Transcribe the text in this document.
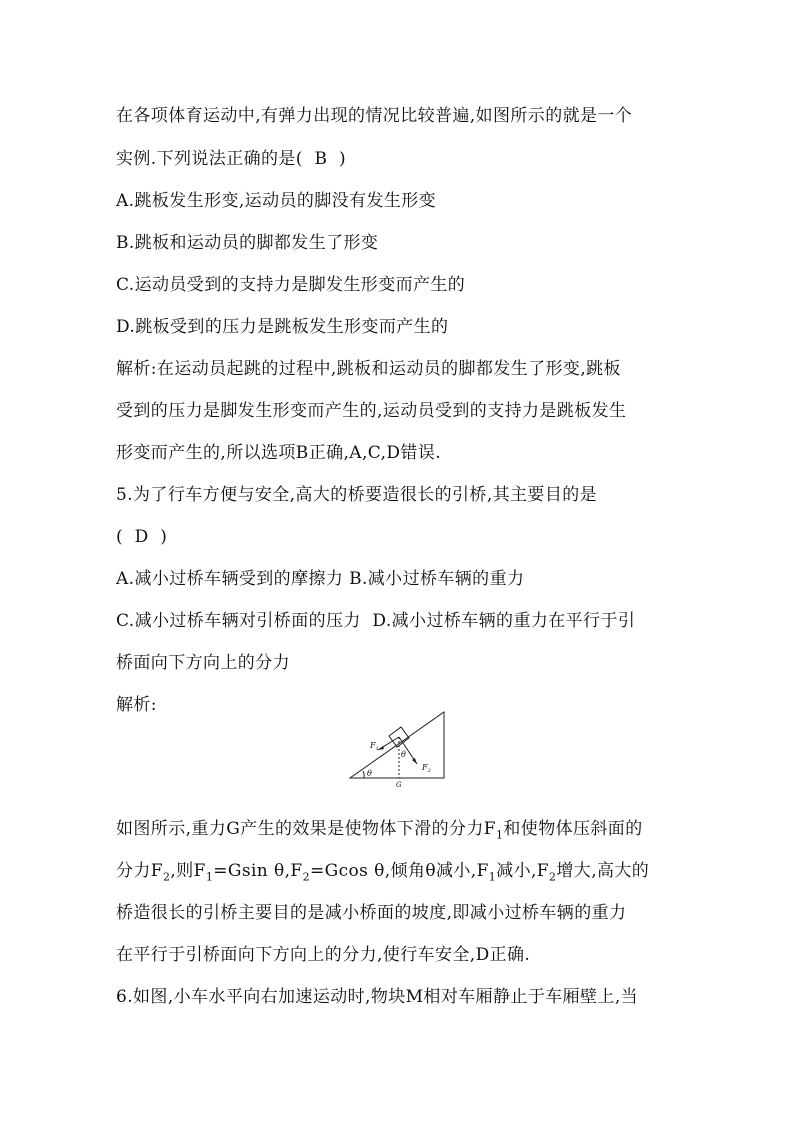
在各项体育运动中,有弹力出现的情况比较普遍,如图所示的就是一个
实例.下列说法正确的是(  B  )
A.跳板发生形变,运动员的脚没有发生形变
B.跳板和运动员的脚都发生了形变
C.运动员受到的支持力是脚发生形变而产生的
D.跳板受到的压力是跳板发生形变而产生的
解析:在运动员起跳的过程中,跳板和运动员的脚都发生了形变,跳板
受到的压力是脚发生形变而产生的,运动员受到的支持力是跳板发生
形变而产生的,所以选项B正确,A,C,D错误.
5.为了行车方便与安全,高大的桥要造很长的引桥,其主要目的是
(  D  )
A.减小过桥车辆受到的摩擦力 B.减小过桥车辆的重力
C.减小过桥车辆对引桥面的压力  D.减小过桥车辆的重力在平行于引
桥面向下方向上的分力
解析:
$F_1$
$F_2$
θ
θ
G
如图所示,重力G产生的效果是使物体下滑的分力$F_1$和使物体压斜面的
分力$F_2$,则$F_1=Gsin$ $\theta,F_2=Gcos$ θ,倾角θ减小$,F_1$减小$,F_2$增大,高大的
桥造很长的引桥主要目的是减小桥面的坡度,即减小过桥车辆的重力
在平行于引桥面向下方向上的分力,使行车安全,D正确.
6.如图,小车水平向右加速运动时,物块M相对车厢静止于车厢壁上,当
